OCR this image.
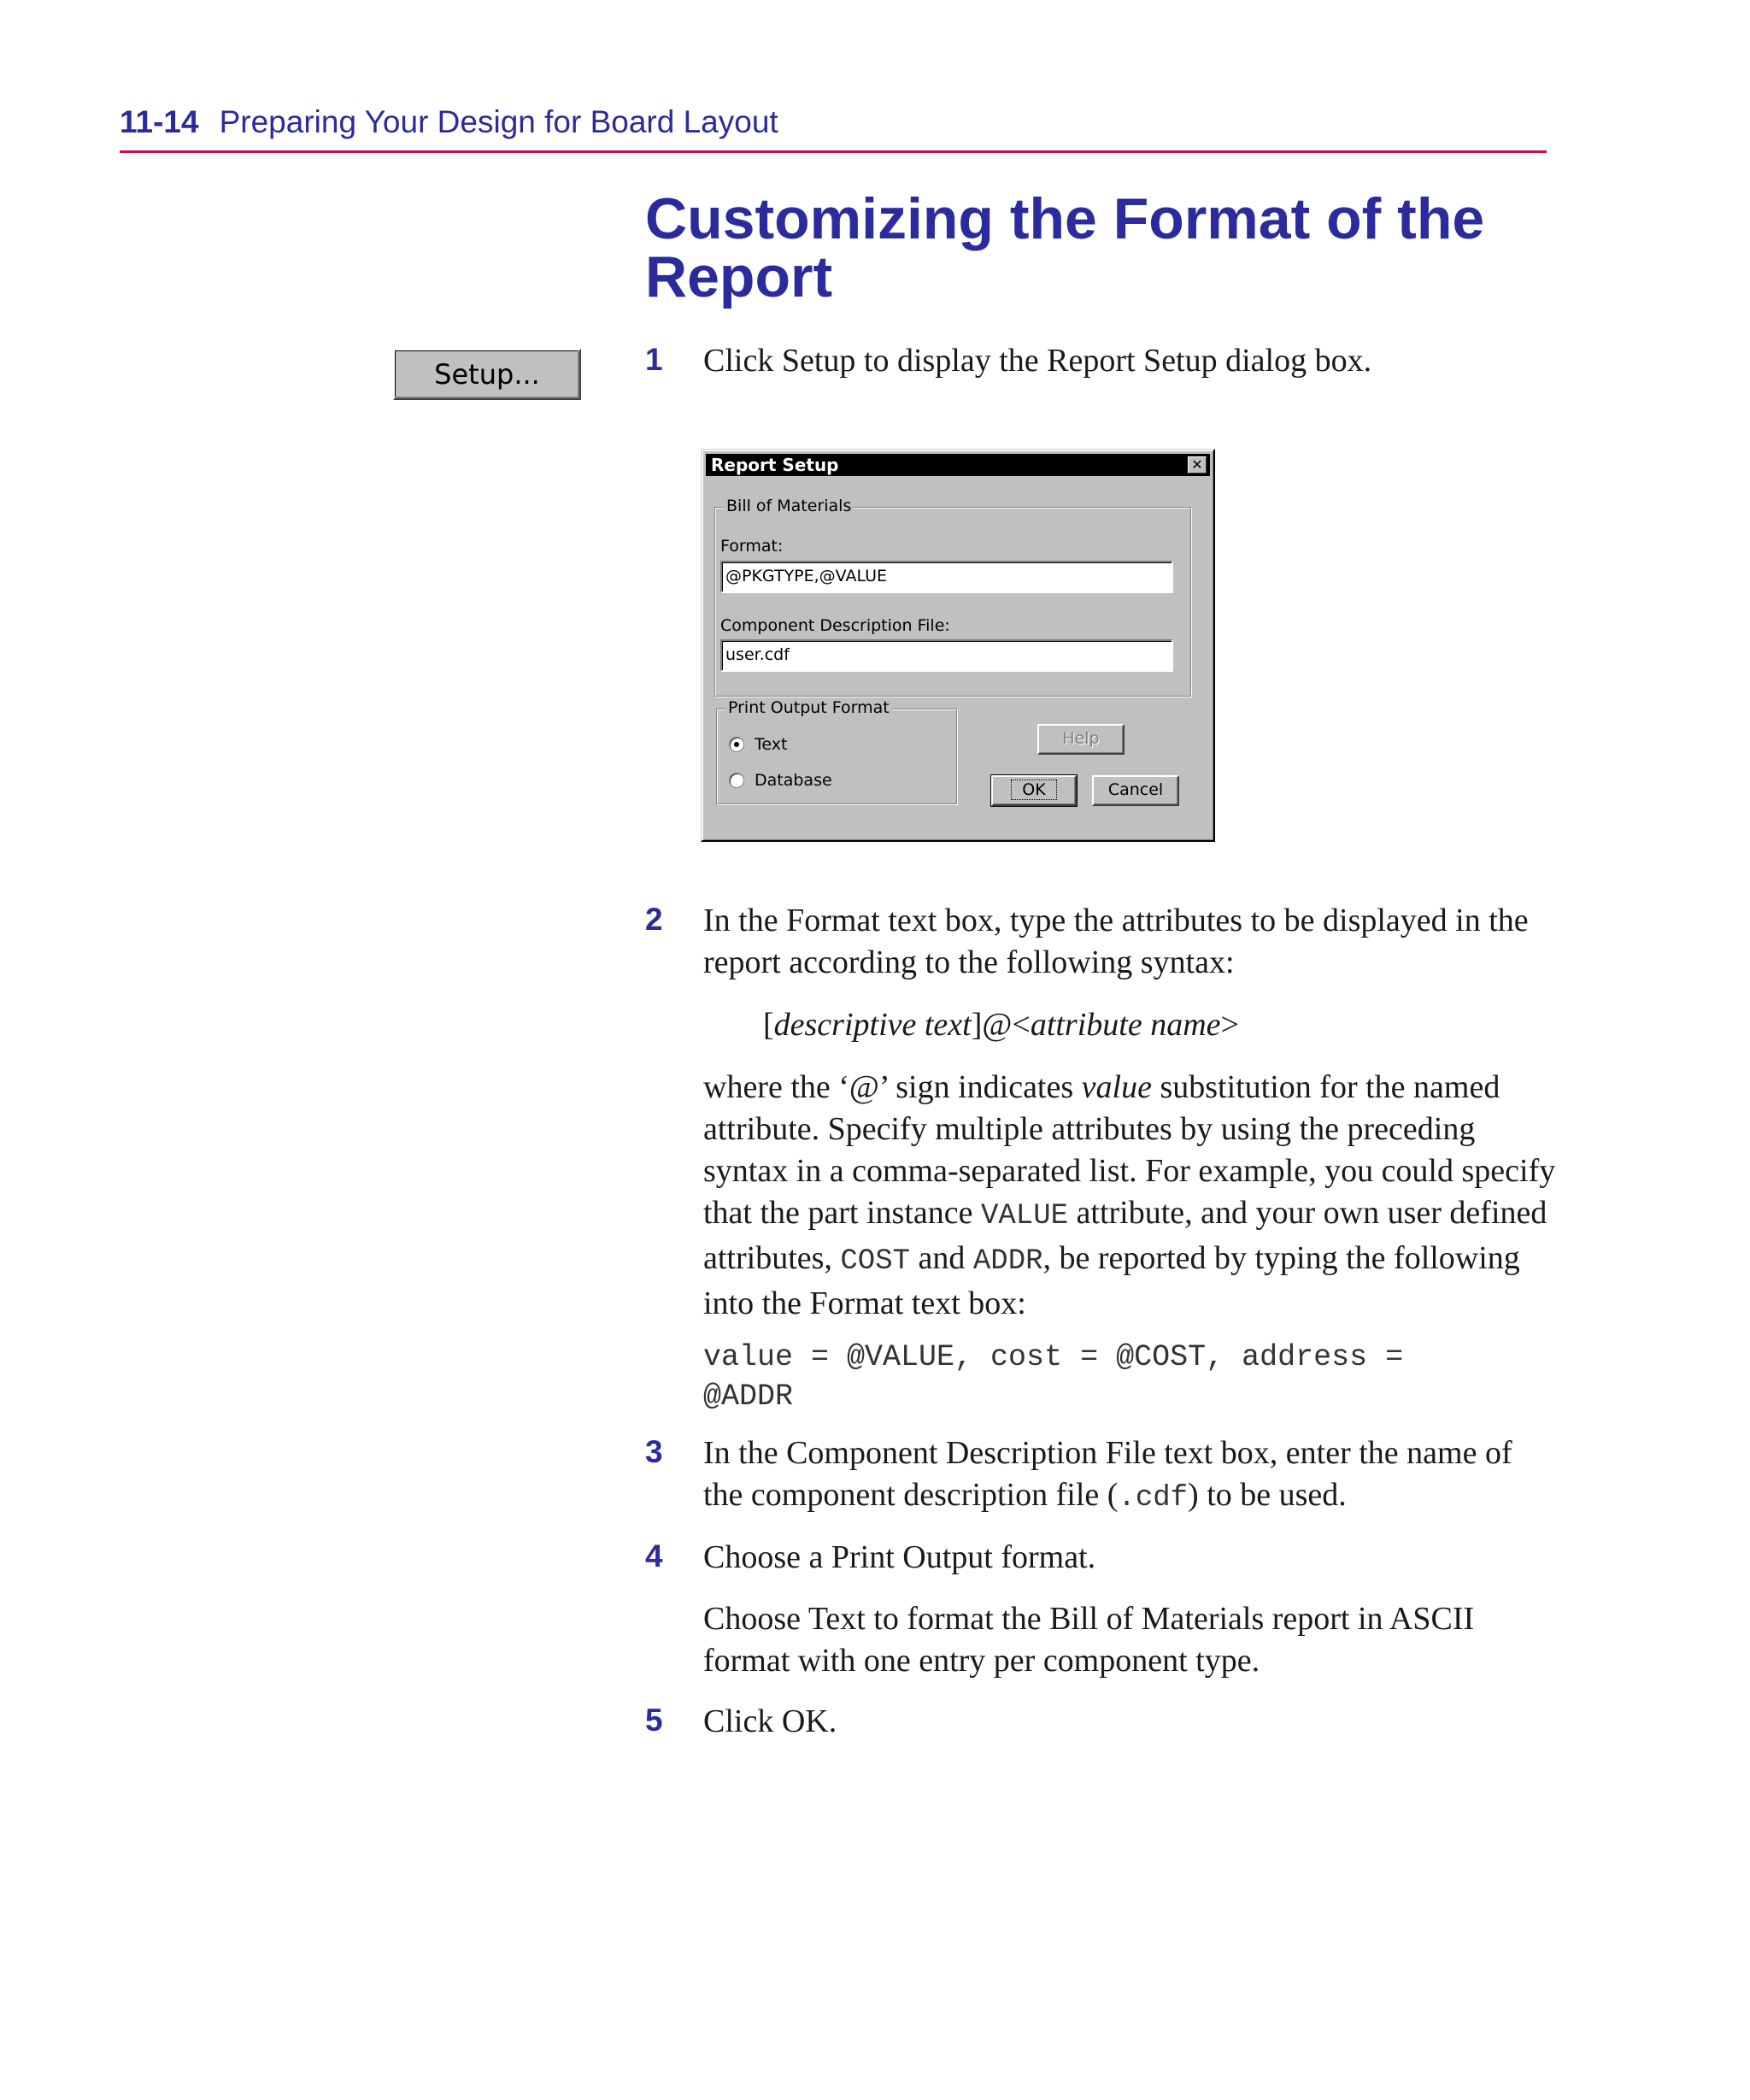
11-14 Preparing Your Design for Board Layout
Customizing the Format of the Report
Setup...	1 Click Setup to display the Report Setup dialog box.

Report Setup	✕
Bill of Materials
Format:
@PKGTYPE,@VALUE
Component Description File:
user.cdf
Print Output Format
Text
Database
Help
OK	Cancel
2 In the Format text box, type the attributes to be displayed in the report according to the following syntax:

[descriptive text]@<attribute name>

where the ‘@’ sign indicates value substitution for the named attribute. Specify multiple attributes by using the preceding syntax in a comma-separated list. For example, you could specify that the part instance VALUE attribute, and your own user defined attributes, COST and ADDR, be reported by typing the following into the Format text box:

value = @VALUE, cost = @COST, address =

@ADDR

3 In the Component Description File text box, enter the name of the component description file (.cdf) to be used.

4 Choose a Print Output format.

Choose Text to format the Bill of Materials report in ASCII format with one entry per component type.

5 Click OK.
